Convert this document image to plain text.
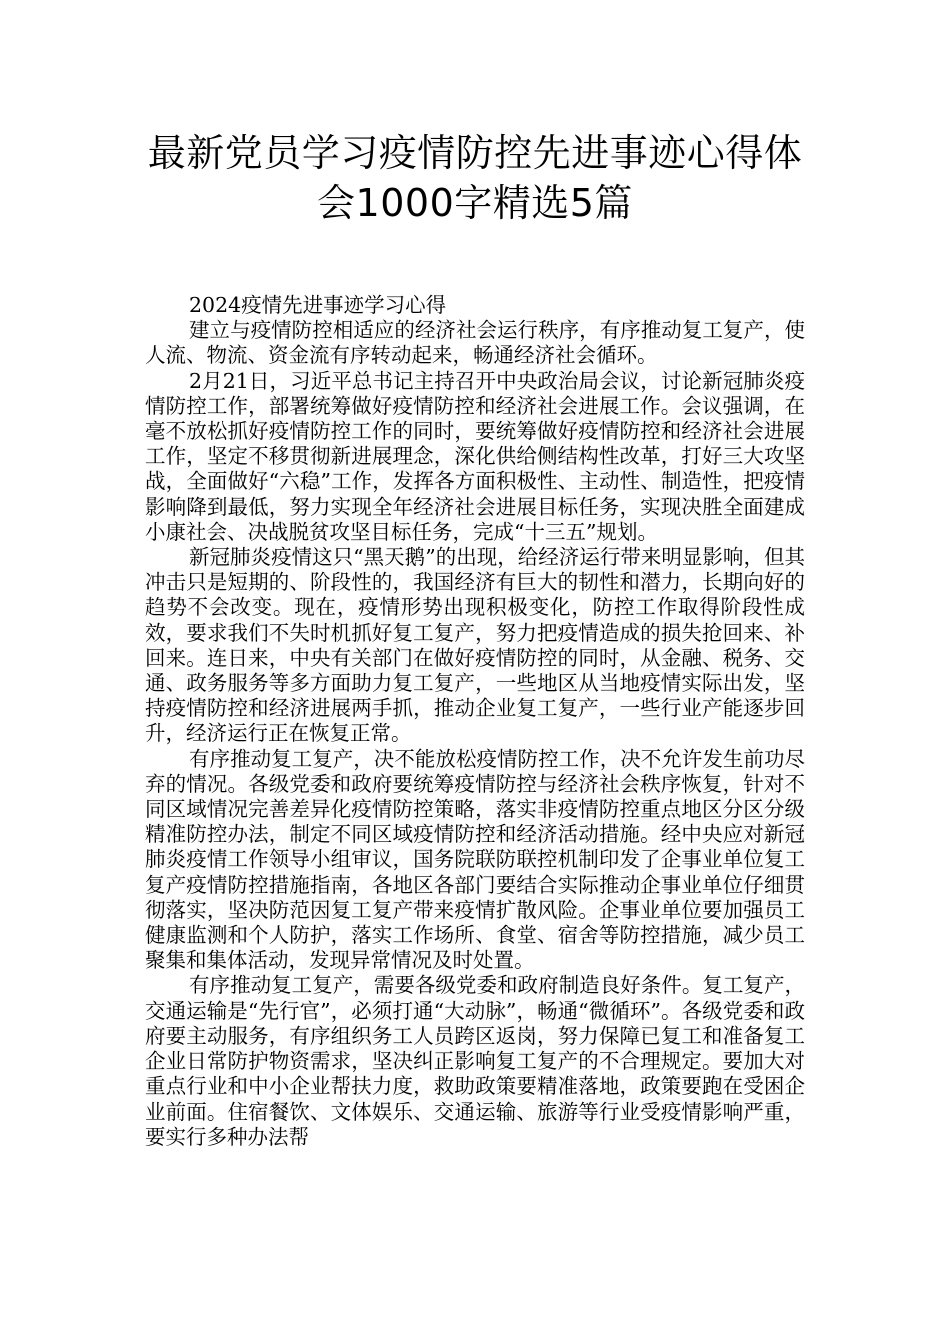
最新党员学习疫情防控先进事迹心得体
会1000字精选5篇

2024疫情先进事迹学习心得

建立与疫情防控相适应的经济社会运行秩序，有序推动复工复产，使人流、物流、资金流有序转动起来，畅通经济社会循环。

2月21日，习近平总书记主持召开中央政治局会议，讨论新冠肺炎疫情防控工作，部署统筹做好疫情防控和经济社会进展工作。会议强调，在毫不放松抓好疫情防控工作的同时，要统筹做好疫情防控和经济社会进展工作，坚定不移贯彻新进展理念，深化供给侧结构性改革，打好三大攻坚战，全面做好“六稳”工作，发挥各方面积极性、主动性、制造性，把疫情影响降到最低，努力实现全年经济社会进展目标任务，实现决胜全面建成小康社会、决战脱贫攻坚目标任务，完成“十三五”规划。

新冠肺炎疫情这只“黑天鹅”的出现，给经济运行带来明显影响，但其冲击只是短期的、阶段性的，我国经济有巨大的韧性和潜力，长期向好的趋势不会改变。现在，疫情形势出现积极变化，防控工作取得阶段性成效，要求我们不失时机抓好复工复产，努力把疫情造成的损失抢回来、补回来。连日来，中央有关部门在做好疫情防控的同时，从金融、税务、交通、政务服务等多方面助力复工复产，一些地区从当地疫情实际出发，坚持疫情防控和经济进展两手抓，推动企业复工复产，一些行业产能逐步回升，经济运行正在恢复正常。

有序推动复工复产，决不能放松疫情防控工作，决不允许发生前功尽弃的情况。各级党委和政府要统筹疫情防控与经济社会秩序恢复，针对不同区域情况完善差异化疫情防控策略，落实非疫情防控重点地区分区分级精准防控办法，制定不同区域疫情防控和经济活动措施。经中央应对新冠肺炎疫情工作领导小组审议，国务院联防联控机制印发了企事业单位复工复产疫情防控措施指南，各地区各部门要结合实际推动企事业单位仔细贯彻落实，坚决防范因复工复产带来疫情扩散风险。企事业单位要加强员工健康监测和个人防护，落实工作场所、食堂、宿舍等防控措施，减少员工聚集和集体活动，发现异常情况及时处置。

有序推动复工复产，需要各级党委和政府制造良好条件。复工复产，交通运输是“先行官”，必须打通“大动脉”，畅通“微循环”。各级党委和政府要主动服务，有序组织务工人员跨区返岗，努力保障已复工和准备复工企业日常防护物资需求，坚决纠正影响复工复产的不合理规定。要加大对重点行业和中小企业帮扶力度，救助政策要精准落地，政策要跑在受困企业前面。住宿餐饮、文体娱乐、交通运输、旅游等行业受疫情影响严重，要实行多种办法帮
